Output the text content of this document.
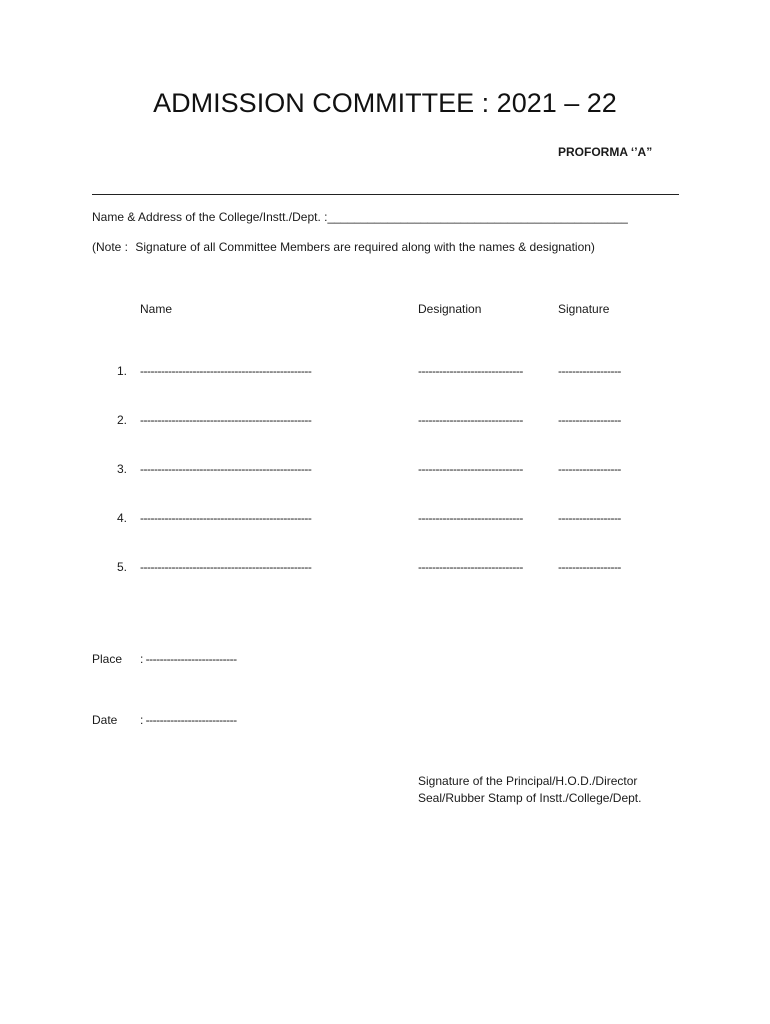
ADMISSION COMMITTEE : 2021 – 22
PROFORMA ‘’A”
Name & Address of the College/Instt./Dept. :_____________________________________________
(Note : Signature of all Committee Members are required along with the names & designation)
Name	Designation	Signature
1. -------------------------------------------------	------------------------------	------------------
2. -------------------------------------------------	------------------------------	------------------
3. -------------------------------------------------	------------------------------	------------------
4. -------------------------------------------------	------------------------------	------------------
5. -------------------------------------------------	------------------------------	------------------
Place : --------------------------
Date : --------------------------
Signature of the Principal/H.O.D./Director
Seal/Rubber Stamp of Instt./College/Dept.
